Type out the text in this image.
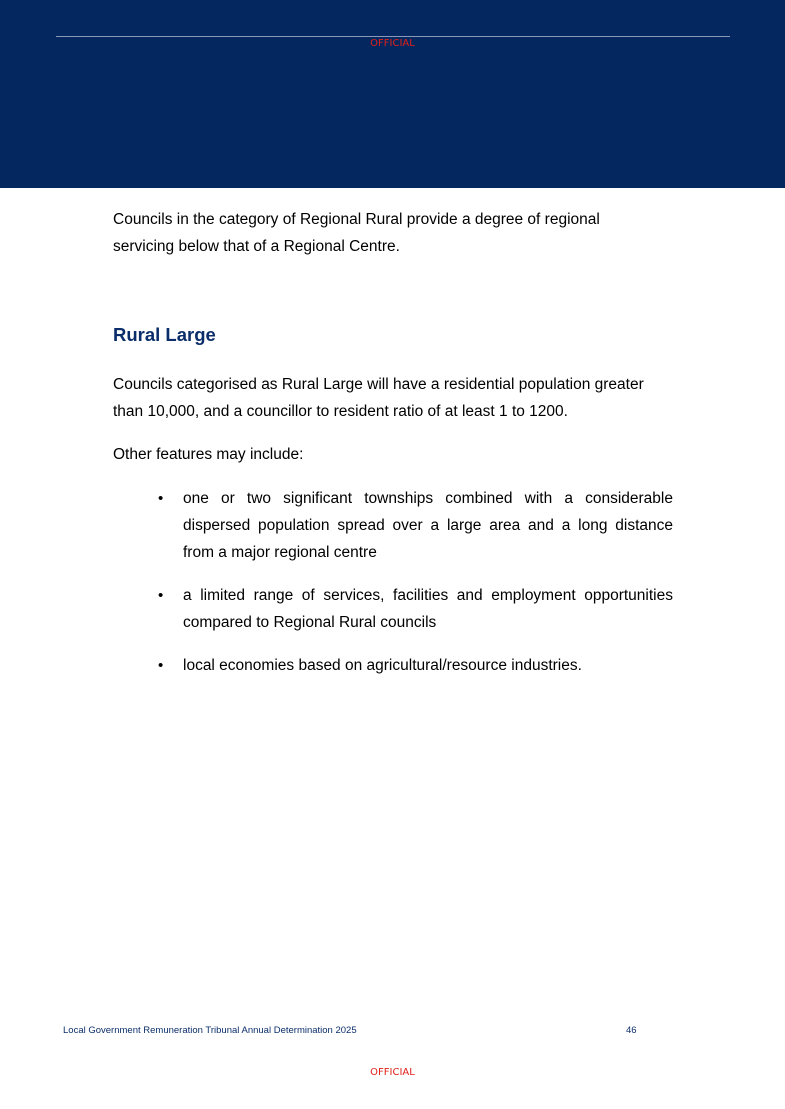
OFFICIAL

Councils in the category of Regional Rural provide a degree of regional servicing below that of a Regional Centre.

Rural Large

Councils categorised as Rural Large will have a residential population greater than 10,000, and a councillor to resident ratio of at least 1 to 1200.

Other features may include:

• one or two significant townships combined with a considerable dispersed population spread over a large area and a long distance from a major regional centre
• a limited range of services, facilities and employment opportunities compared to Regional Rural councils
• local economies based on agricultural/resource industries.
Local Government Remuneration Tribunal Annual Determination 2025	46
OFFICIAL
